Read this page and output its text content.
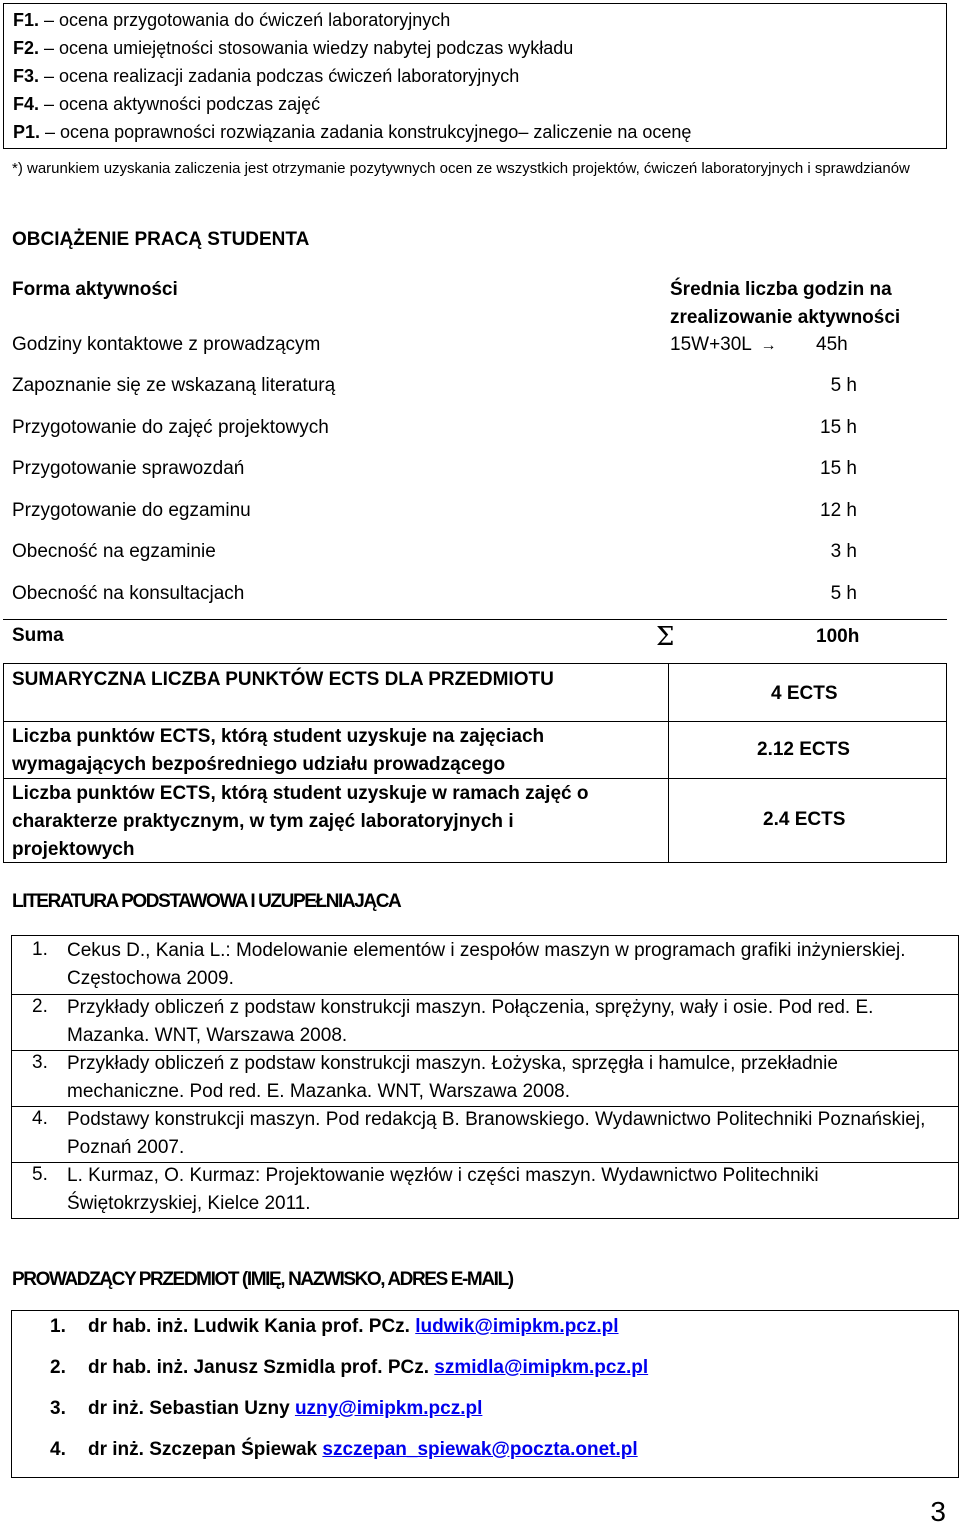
F1. – ocena przygotowania do ćwiczeń laboratoryjnych
F2. – ocena umiejętności stosowania wiedzy nabytej podczas wykładu
F3. – ocena realizacji zadania podczas ćwiczeń laboratoryjnych
F4. – ocena aktywności podczas zajęć
P1. – ocena poprawności rozwiązania zadania konstrukcyjnego– zaliczenie na ocenę
*) warunkiem uzyskania zaliczenia jest otrzymanie pozytywnych ocen ze wszystkich projektów, ćwiczeń laboratoryjnych i sprawdzianów
OBCIĄŻENIE PRACĄ STUDENTA
Forma aktywności	Średnia liczba godzin na zrealizowanie aktywności
Godziny kontaktowe z prowadzącym	15W+30L → 45h
Zapoznanie się ze wskazaną literaturą	5 h
Przygotowanie do zajęć projektowych	15 h
Przygotowanie sprawozdań	15 h
Przygotowanie do egzaminu	12 h
Obecność na egzaminie	3 h
Obecność na konsultacjach	5 h
Suma	Σ	100h
SUMARYCZNA LICZBA PUNKTÓW ECTS DLA PRZEDMIOTU
4 ECTS
Liczba punktów ECTS, którą student uzyskuje na zajęciach wymagających bezpośredniego udziału prowadzącego
2.12 ECTS
Liczba punktów ECTS, którą student uzyskuje w ramach zajęć o charakterze praktycznym, w tym zajęć laboratoryjnych i projektowych
2.4 ECTS
LITERATURA PODSTAWOWA I UZUPEŁNIAJĄCA
1. Cekus D., Kania L.: Modelowanie elementów i zespołów maszyn w programach grafiki inżynierskiej. Częstochowa 2009.
2. Przykłady obliczeń z podstaw konstrukcji maszyn. Połączenia, sprężyny, wały i osie. Pod red. E. Mazanka. WNT, Warszawa 2008.
3. Przykłady obliczeń z podstaw konstrukcji maszyn. Łożyska, sprzęgła i hamulce, przekładnie mechaniczne. Pod red. E. Mazanka. WNT, Warszawa 2008.
4. Podstawy konstrukcji maszyn. Pod redakcją B. Branowskiego. Wydawnictwo Politechniki Poznańskiej, Poznań 2007.
5. L. Kurmaz, O. Kurmaz: Projektowanie węzłów i części maszyn. Wydawnictwo Politechniki Świętokrzyskiej, Kielce 2011.
PROWADZĄCY PRZEDMIOT (IMIĘ, NAZWISKO, ADRES E-MAIL)
1. dr hab. inż. Ludwik Kania prof. PCz. ludwik@imipkm.pcz.pl
2. dr hab. inż. Janusz Szmidla prof. PCz. szmidla@imipkm.pcz.pl
3. dr inż. Sebastian Uzny uzny@imipkm.pcz.pl
4. dr inż. Szczepan Śpiewak szczepan_spiewak@poczta.onet.pl
3
